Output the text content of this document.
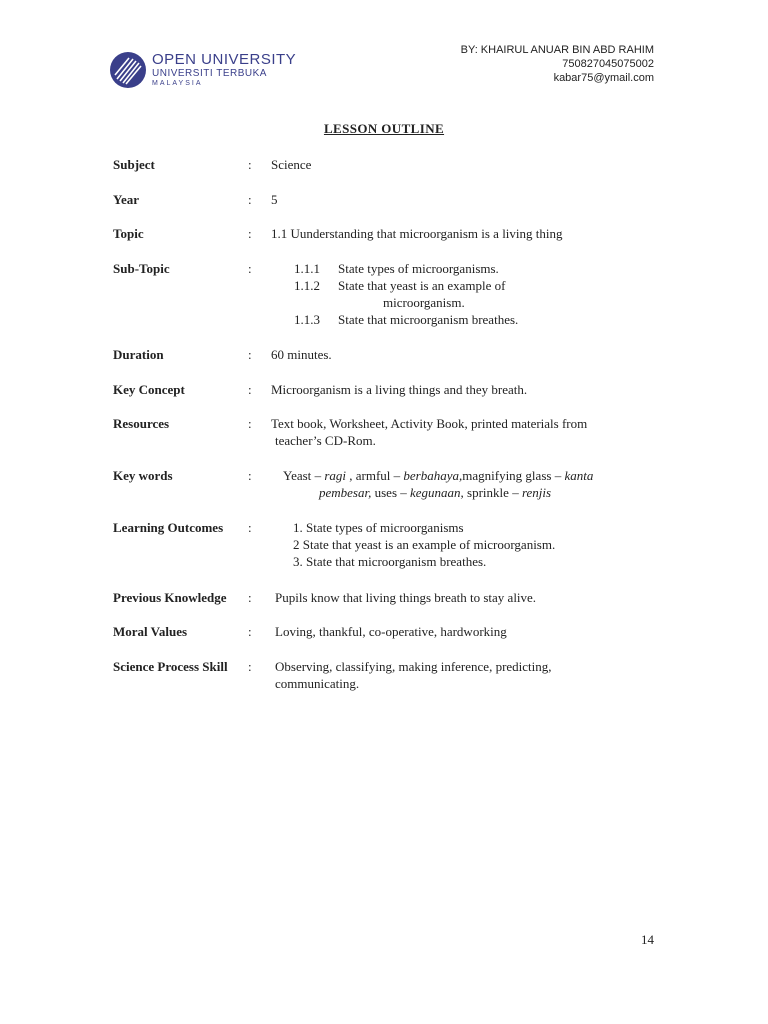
OPEN UNIVERSITY
UNIVERSITI TERBUKA
MALAYSIA
BY: KHAIRUL ANUAR BIN ABD RAHIM
750827045075002
kabar75@ymail.com
LESSON OUTLINE
Subject	: Science
Year	: 5
Topic	: 1.1 Uunderstanding that microorganism is a living thing
Sub-Topic	:	1.1.1 State types of microorganisms.
1.1.2 State that yeast is an example of
microorganism.
1.1.3 State that microorganism breathes.
Duration	: 60 minutes.
Key Concept	: Microorganism is a living things and they breath.
Resources	: Text book, Worksheet, Activity Book, printed materials from
teacher’s CD-Rom.
Key words	: Yeast – ragi , armful – berbahaya,magnifying glass – kanta
pembesar, uses – kegunaan, sprinkle – renjis
Learning Outcomes :	1. State types of microorganisms
2 State that yeast is an example of microorganism.
3. State that microorganism breathes.
Previous Knowledge : Pupils know that living things breath to stay alive.
Moral Values	: Loving, thankful, co-operative, hardworking
Science Process Skill : Observing, classifying, making inference, predicting,
communicating.
14
